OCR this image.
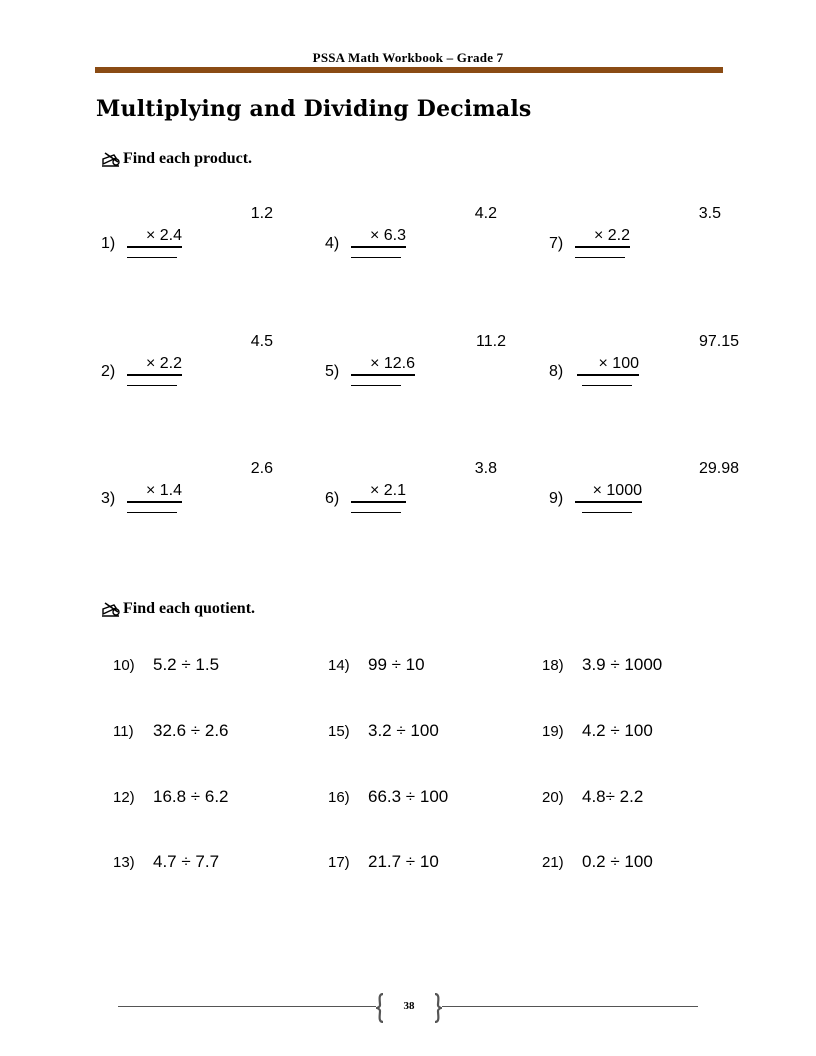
PSSA Math Workbook – Grade 7
Multiplying and Dividing Decimals
Find each product.
1)
1.2
× 2.4
2)
4.5
× 2.2
3)
2.6
× 1.4
4)
4.2
× 6.3
5)
11.2
× 12.6
6)
3.8
× 2.1
7)
3.5
× 2.2
8)
97.15
× 100
9)
29.98
× 1000
Find each quotient.
10) 5.2 ÷ 1.5
11) 32.6 ÷ 2.6
12) 16.8 ÷ 6.2
13) 4.7 ÷ 7.7
14) 99 ÷ 10
15) 3.2 ÷ 100
16) 66.3 ÷ 100
17) 21.7 ÷ 10
18) 3.9 ÷ 1000
19) 4.2 ÷ 100
20) 4.8÷ 2.2
21) 0.2 ÷ 100
38
